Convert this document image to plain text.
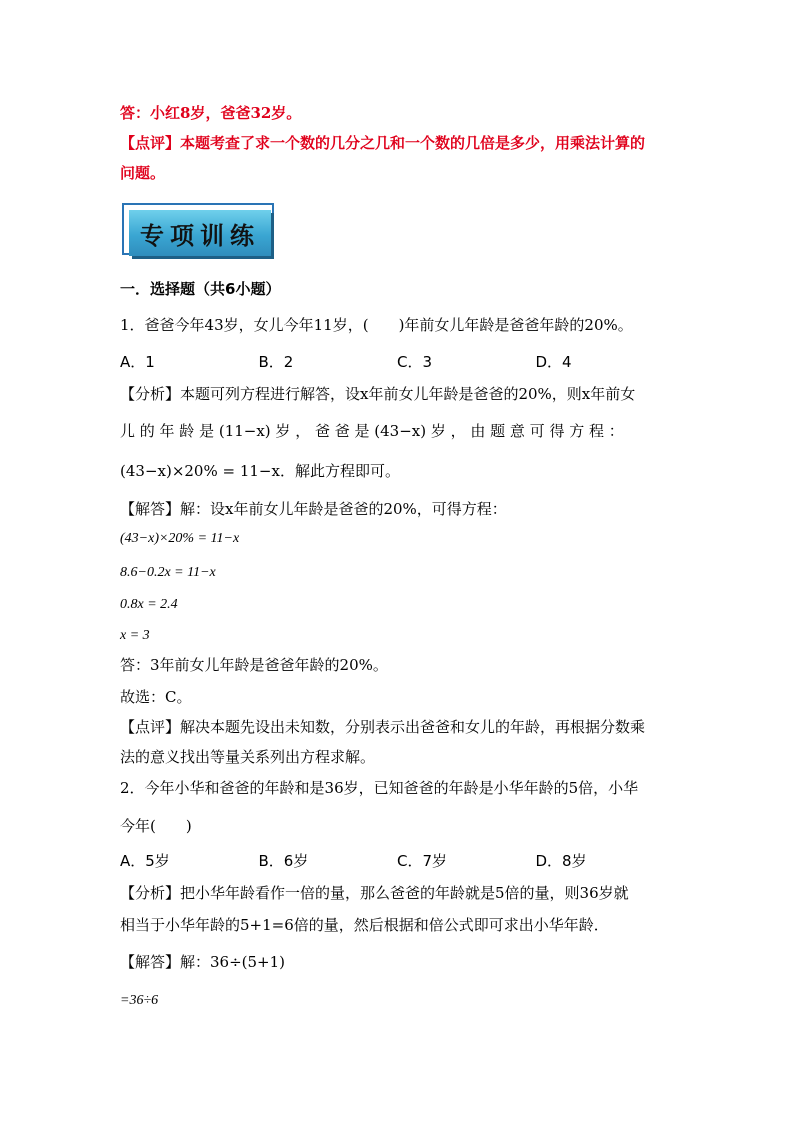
答：小红8岁，爸爸32岁。

【点评】本题考查了求一个数的几分之几和一个数的几倍是多少，用乘法计算的

问题。

专项训练

一．选择题（共6小题）

1．爸爸今年43岁，女儿今年11岁，(　　)年前女儿年龄是爸爸年龄的20%。

A．1	B．2	C．3	D．4

【分析】本题可列方程进行解答，设x年前女儿年龄是爸爸的20%，则x年前女

儿 的 年 龄 是 (11−x) 岁 ， 爸 爸 是 (43−x) 岁 ， 由 题 意 可 得 方 程 ：

(43−x)×20% = 11−x．解此方程即可。

【解答】解：设x年前女儿年龄是爸爸的20%，可得方程：

(43−x)×20% = 11−x

8.6−0.2x = 11−x

0.8x = 2.4

x = 3

答：3年前女儿年龄是爸爸年龄的20%。

故选：C。

【点评】解决本题先设出未知数，分别表示出爸爸和女儿的年龄，再根据分数乘

法的意义找出等量关系列出方程求解。

2．今年小华和爸爸的年龄和是36岁，已知爸爸的年龄是小华年龄的5倍，小华

今年(　　)

A．5岁	B．6岁	C．7岁	D．8岁

【分析】把小华年龄看作一倍的量，那么爸爸的年龄就是5倍的量，则36岁就

相当于小华年龄的5+1=6倍的量，然后根据和倍公式即可求出小华年龄．

【解答】解：36÷(5+1)

=36÷6
